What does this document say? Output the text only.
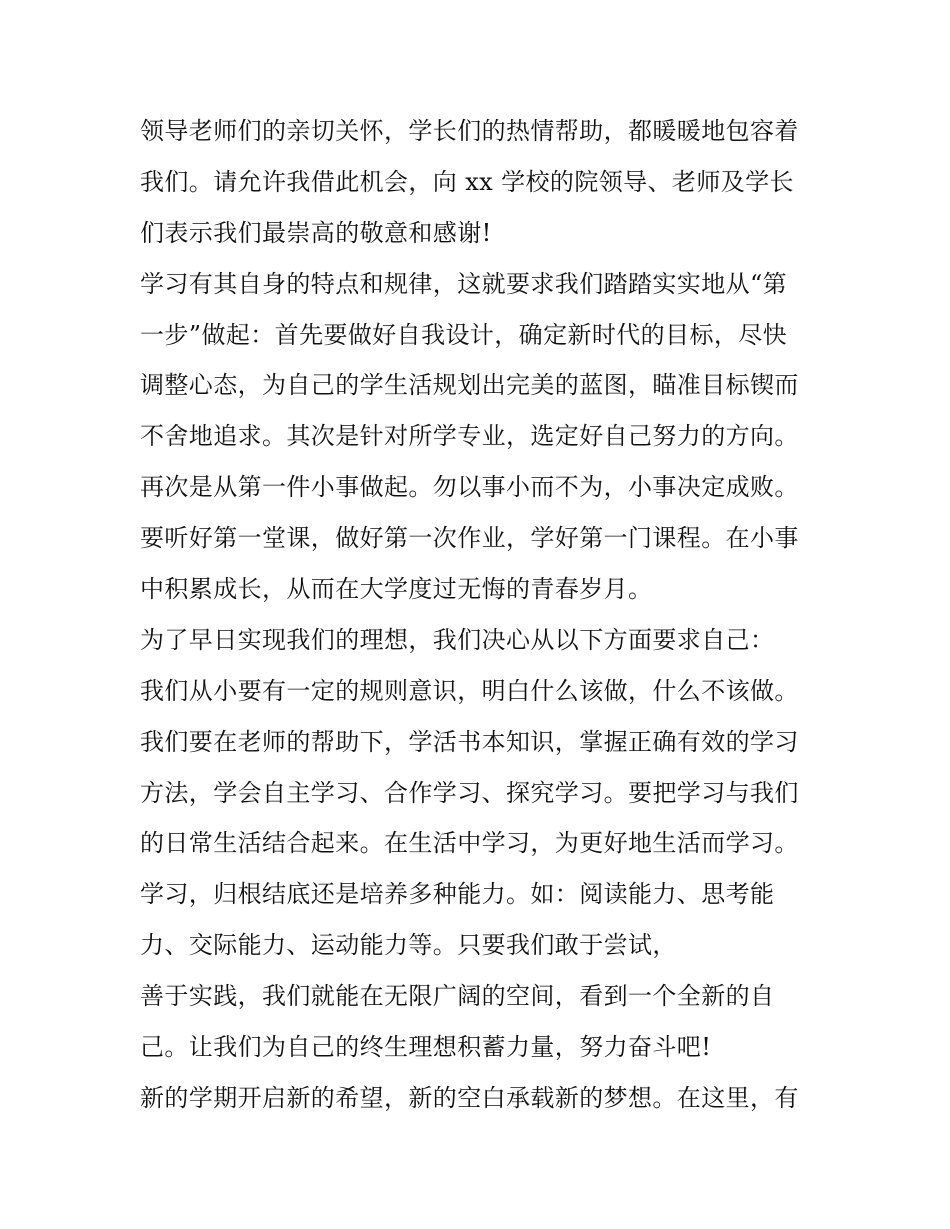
领导老师们的亲切关怀，学长们的热情帮助，都暖暖地包容着
我们。请允许我借此机会，向 xx 学校的院领导、老师及学长
们表示我们最崇高的敬意和感谢!
学习有其自身的特点和规律，这就要求我们踏踏实实地从“第
一步”做起：首先要做好自我设计，确定新时代的目标，尽快
调整心态，为自己的学生活规划出完美的蓝图，瞄准目标锲而
不舍地追求。其次是针对所学专业，选定好自己努力的方向。
再次是从第一件小事做起。勿以事小而不为，小事决定成败。
要听好第一堂课，做好第一次作业，学好第一门课程。在小事
中积累成长，从而在大学度过无悔的青春岁月。
为了早日实现我们的理想，我们决心从以下方面要求自己：
我们从小要有一定的规则意识，明白什么该做，什么不该做。
我们要在老师的帮助下，学活书本知识，掌握正确有效的学习
方法，学会自主学习、合作学习、探究学习。要把学习与我们
的日常生活结合起来。在生活中学习，为更好地生活而学习。
学习，归根结底还是培养多种能力。如：阅读能力、思考能
力、交际能力、运动能力等。只要我们敢于尝试，
善于实践，我们就能在无限广阔的空间，看到一个全新的自
己。让我们为自己的终生理想积蓄力量，努力奋斗吧!
新的学期开启新的希望，新的空白承载新的梦想。在这里，有
